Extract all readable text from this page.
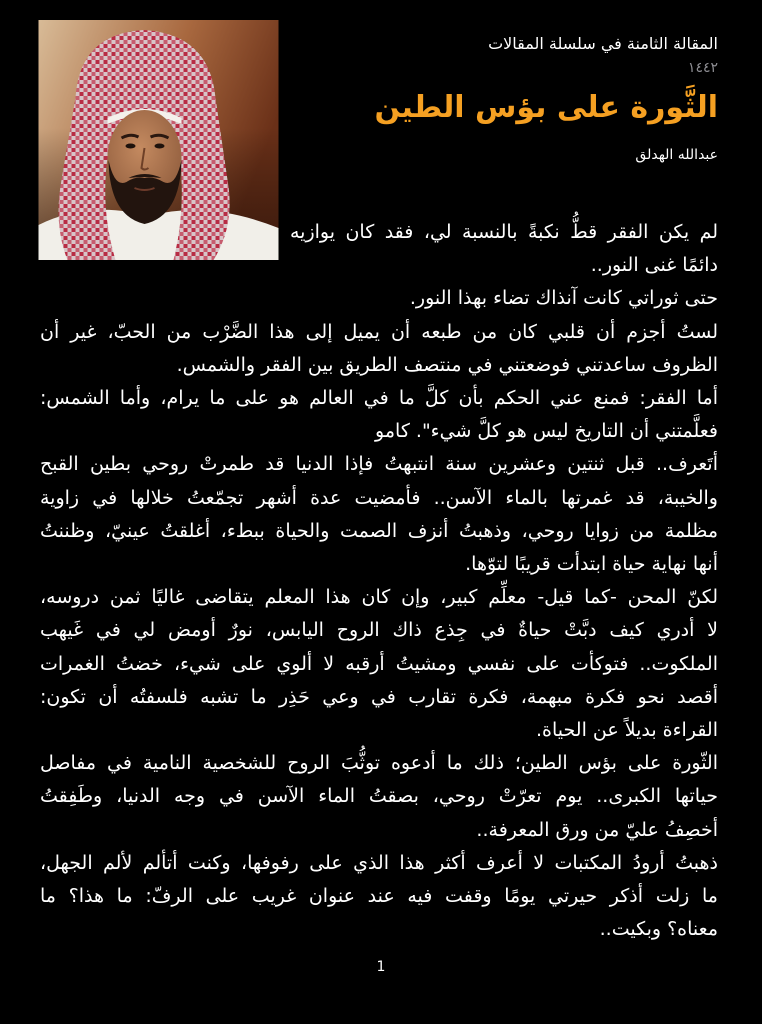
المقالة الثامنة في سلسلة المقالات
١٤٤٢
الثَّورة على بؤس الطين
عبدالله الهدلق
لم يكن الفقر قطُّ نكبةً بالنسبة لي، فقد كان يوازيه
دائمًا غنى النور..
حتى ثوراتي كانت آنذاك تضاء بهذا النور.
لستُ أجزم أن قلبي كان من طبعه أن يميل إلى هذا الضَّرْب من الحبّ، غير أن
الظروف ساعدتني فوضعتني في منتصف الطريق بين الفقر والشمس.
أما الفقر: فمنع عني الحكم بأن كلَّ ما في العالم هو على ما يرام، وأما الشمس:
فعلَّمتني أن التاريخ ليس هو كلَّ شيء". كامو
أتَعرف.. قبل ثنتين وعشرين سنة انتبهتُ فإذا الدنيا قد طمرتْ روحي بطين القبح
والخيبة، قد غمرتها بالماء الآسن.. فأمضيت عدة أشهر تجمّعتُ خلالها في زاوية
مظلمة من زوايا روحي، وذهبتُ أنزف الصمت والحياة ببطء، أغلقتُ عينيّ، وظننتُ
أنها نهاية حياة ابتدأت قريبًا لتوّها.
لكنّ المحن -كما قيل- معلِّم كبير، وإن كان هذا المعلم يتقاضى غاليًا ثمن دروسه،
لا أدري كيف دبَّتْ حياةٌ في جِذع ذاك الروح اليابس، نورٌ أومض لي في غَيهب
الملكوت.. فتوكأت على نفسي ومشيتُ أرقبه لا ألوي على شيء، خضتُ الغمرات
أقصد نحو فكرة مبهمة، فكرة تقارب في وعي حَذِر ما تشبه فلسفتُه أن تكون:
القراءة بديلاً عن الحياة.
الثّورة على بؤس الطين؛ ذلك ما أدعوه توثُّبَ الروح للشخصية النامية في مفاصل
حياتها الكبرى.. يوم تعرّتْ روحي، بصقتُ الماء الآسن في وجه الدنيا، وطَفِقتُ
أخصِفُ عليّ من ورق المعرفة..
ذهبتُ أرودُ المكتبات لا أعرف أكثر هذا الذي على رفوفها، وكنت أتألم لألم الجهل،
ما زلت أذكر حيرتي يومًا وقفت فيه عند عنوان غريب على الرفّ: ما هذا؟ ما
معناه؟ وبكيت..
1
